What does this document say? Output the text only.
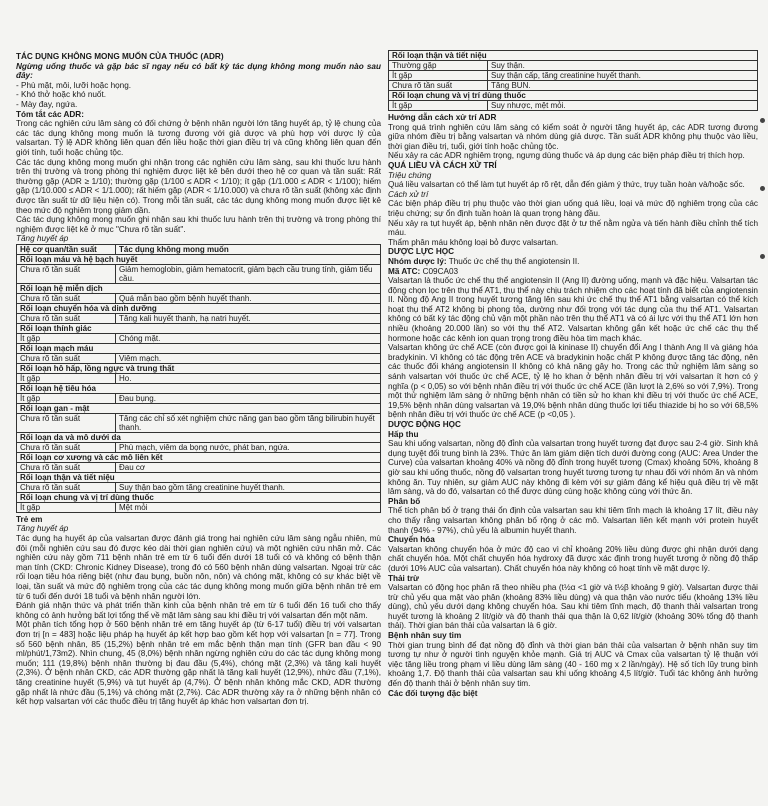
TÁC DỤNG KHÔNG MONG MUỐN CỦA THUỐC (ADR)

Ngừng uống thuốc và gặp bác sĩ ngay nếu có bất kỳ tác dụng không mong muốn nào sau đây:

- Phù mặt, môi, lưỡi hoặc họng.

- Khó thở hoặc khó nuốt.

- Mày đay, ngứa.

Tóm tắt các ADR:

Trong các nghiên cứu lâm sàng có đối chứng ở bệnh nhân người lớn tăng huyết áp, tỷ lệ chung của các tác dụng không mong muốn là tương đương với giả dược và phù hợp với dược lý của valsartan. Tỷ lệ ADR không liên quan đến liều hoặc thời gian điều trị và cũng không liên quan đến giới tính, tuổi hoặc chủng tộc.

Các tác dụng không mong muốn ghi nhận trong các nghiên cứu lâm sàng, sau khi thuốc lưu hành trên thị trường và trong phòng thí nghiệm được liệt kê bên dưới theo hệ cơ quan và tần suất: Rất thường gặp (ADR ≥ 1/10); thường gặp (1/100 ≤ ADR < 1/10); ít gặp (1/1.000 ≤ ADR < 1/100); hiếm gặp (1/10.000 ≤ ADR < 1/1.000); rất hiếm gặp (ADR < 1/10.000) và chưa rõ tần suất (không xác định được tần suất từ dữ liệu hiện có). Trong mỗi tần suất, các tác dụng không mong muốn được liệt kê theo mức độ nghiêm trọng giảm dần.

Các tác dụng không mong muốn ghi nhận sau khi thuốc lưu hành trên thị trường và trong phòng thí nghiệm được liệt kê ở mục "Chưa rõ tần suất".

Tăng huyết áp

Hệ cơ quan/tần suất	Tác dụng không mong muốn
Rối loạn máu và hệ bạch huyết	
Chưa rõ tần suất	Giảm hemoglobin, giảm hematocrit, giảm bạch cầu trung tính, giảm tiểu cầu.
Rối loạn hệ miễn dịch	
Chưa rõ tần suất	Quá mẫn bao gồm bệnh huyết thanh.
Rối loạn chuyển hóa và dinh dưỡng	
Chưa rõ tần suất	Tăng kali huyết thanh, hạ natri huyết.
Rối loạn thính giác	
Ít gặp	Chóng mặt.
Rối loạn mạch máu	
Chưa rõ tần suất	Viêm mạch.
Rối loạn hô hấp, lồng ngực và trung thất	
Ít gặp	Ho.
Rối loạn hệ tiêu hóa	
Ít gặp	Đau bụng.
Rối loạn gan - mật	
Chưa rõ tần suất	Tăng các chỉ số xét nghiệm chức năng gan bao gồm tăng bilirubin huyết thanh.
Rối loạn da và mô dưới da	
Chưa rõ tần suất	Phù mạch, viêm da bọng nước, phát ban, ngứa.
Rối loạn cơ xương và các mô liên kết	
Chưa rõ tần suất	Đau cơ
Rối loạn thận và tiết niệu	
Chưa rõ tần suất	Suy thận bao gồm tăng creatinine huyết thanh.
Rối loạn chung và vị trí dùng thuốc	
Ít gặp	Mệt mỏi

Trẻ em

Tăng huyết áp

Tác dụng hạ huyết áp của valsartan được đánh giá trong hai nghiên cứu lâm sàng ngẫu nhiên, mù đôi (mỗi nghiên cứu sau đó được kéo dài thời gian nghiên cứu) và một nghiên cứu nhãn mở. Các nghiên cứu này gồm 711 bệnh nhân trẻ em từ 6 tuổi đến dưới 18 tuổi có và không có bệnh thận mạn tính (CKD: Chronic Kidney Disease), trong đó có 560 bệnh nhân dùng valsartan. Ngoại trừ các rối loạn tiêu hóa riêng biệt (như đau bụng, buồn nôn, nôn) và chóng mặt, không có sự khác biệt về loại, tần suất và mức độ nghiêm trọng của các tác dụng không mong muốn giữa bệnh nhân trẻ em từ 6 tuổi đến dưới 18 tuổi và bệnh nhân người lớn.

Đánh giá nhận thức và phát triển thần kinh của bệnh nhân trẻ em từ 6 tuổi đến 16 tuổi cho thấy không có ảnh hưởng bất lợi tổng thể về mặt lâm sàng sau khi điều trị với valsartan đến một năm.

Một phân tích tổng hợp ở 560 bệnh nhân trẻ em tăng huyết áp (từ 6-17 tuổi) điều trị với valsartan đơn trị [n = 483] hoặc liệu pháp hạ huyết áp kết hợp bao gồm kết hợp với valsartan [n = 77]. Trong số 560 bệnh nhân, 85 (15,2%) bệnh nhân trẻ em mắc bệnh thận mạn tính (GFR ban đầu < 90 ml/phút/1,73m2). Nhìn chung, 45 (8,0%) bệnh nhân ngừng nghiên cứu do các tác dụng không mong muốn; 111 (19,8%) bệnh nhân thường bị đau đầu (5,4%), chóng mặt (2,3%) và tăng kali huyết (2,3%). Ở bệnh nhân CKD, các ADR thường gặp nhất là tăng kali huyết (12,9%), nhức đầu (7,1%), tăng creatinine huyết (5,9%) và tụt huyết áp (4,7%). Ở bệnh nhân không mắc CKD, ADR thường gặp nhất là nhức đầu (5,1%) và chóng mặt (2,7%). Các ADR thường xảy ra ở những bệnh nhân có kết hợp valsartan với các thuốc điều trị tăng huyết áp khác hơn valsartan đơn trị.

Rối loạn thận và tiết niệu	
Thường gặp	Suy thận.
Ít gặp	Suy thận cấp, tăng creatinine huyết thanh.
Chưa rõ tần suất	Tăng BUN.
Rối loạn chung và vị trí dùng thuốc	
Ít gặp	Suy nhược, mệt mỏi.

Hướng dẫn cách xử trí ADR

Trong quá trình nghiên cứu lâm sàng có kiểm soát ở người tăng huyết áp, các ADR tương đương giữa nhóm điều trị bằng valsartan và nhóm dùng giả dược. Tần suất ADR không phụ thuộc vào liều, thời gian điều trị, tuổi, giới tính hoặc chủng tộc.

Nếu xảy ra các ADR nghiêm trọng, ngưng dùng thuốc và áp dụng các biện pháp điều trị thích hợp.

QUÁ LIỀU VÀ CÁCH XỬ TRÍ

Triệu chứng

Quá liều valsartan có thể làm tụt huyết áp rõ rệt, dẫn đến giảm ý thức, trụy tuần hoàn và/hoặc sốc.

Cách xử trí

Các biện pháp điều trị phụ thuộc vào thời gian uống quá liều, loại và mức độ nghiêm trọng của các triệu chứng; sự ổn định tuần hoàn là quan trọng hàng đầu.

Nếu xảy ra tụt huyết áp, bệnh nhân nên được đặt ở tư thế nằm ngửa và tiến hành điều chỉnh thể tích máu.

Thẩm phân máu không loại bỏ được valsartan.

DƯỢC LỰC HỌC

Nhóm dược lý: Thuốc ức chế thụ thể angiotensin II.

Mã ATC: C09CA03

Valsartan là thuốc ức chế thụ thể angiotensin II (Ang II) đường uống, mạnh và đặc hiệu. Valsartan tác động chọn lọc trên thụ thể AT1, thụ thể này chịu trách nhiệm cho các hoạt tính đã biết của angiotensin II. Nồng độ Ang II trong huyết tương tăng lên sau khi ức chế thụ thể AT1 bằng valsartan có thể kích hoạt thụ thể AT2 không bị phong tỏa, dường như đối trọng với tác dụng của thụ thể AT1. Valsartan không có bất kỳ tác động chủ vận một phần nào trên thụ thể AT1 và có ái lực với thụ thể AT1 lớn hơn nhiều (khoảng 20.000 lần) so với thụ thể AT2. Valsartan không gắn kết hoặc ức chế các thụ thể hormone hoặc các kênh ion quan trọng trong điều hòa tim mạch khác.

Valsartan không ức chế ACE (còn được gọi là kininase II) chuyển đổi Ang I thành Ang II và giáng hóa bradykinin. Vì không có tác động trên ACE và bradykinin hoặc chất P không được tăng tác động, nên các thuốc đối kháng angiotensin II không có khả năng gây ho. Trong các thử nghiệm lâm sàng so sánh valsartan với thuốc ức chế ACE, tỷ lệ ho khan ở bệnh nhân điều trị với valsartan ít hơn có ý nghĩa (p < 0,05) so với bệnh nhân điều trị với thuốc ức chế ACE (lần lượt là 2,6% so với 7,9%). Trong một thử nghiệm lâm sàng ở những bệnh nhân có tiền sử ho khan khi điều trị với thuốc ức chế ACE, 19,5% bệnh nhân dùng valsartan và 19,0% bệnh nhân dùng thuốc lợi tiểu thiazide bị ho so với 68,5% bệnh nhân điều trị với thuốc ức chế ACE (p <0,05 ).

DƯỢC ĐỘNG HỌC

Hấp thu

Sau khi uống valsartan, nồng độ đỉnh của valsartan trong huyết tương đạt được sau 2-4 giờ. Sinh khả dụng tuyệt đối trung bình là 23%. Thức ăn làm giảm diện tích dưới đường cong (AUC: Area Under the Curve) của valsartan khoảng 40% và nồng độ đỉnh trong huyết tương (Cmax) khoảng 50%, khoảng 8 giờ sau khi uống thuốc, nồng độ valsartan trong huyết tương tương tự nhau đối với nhóm ăn và nhóm không ăn. Tuy nhiên, sự giảm AUC này không đi kèm với sự giảm đáng kể hiệu quả điều trị về mặt lâm sàng, và do đó, valsartan có thể được dùng cùng hoặc không cùng với thức ăn.

Phân bố

Thể tích phân bố ở trạng thái ổn định của valsartan sau khi tiêm tĩnh mạch là khoảng 17 lít, điều này cho thấy rằng valsartan không phân bố rộng ở các mô. Valsartan liên kết mạnh với protein huyết thanh (94% - 97%), chủ yếu là albumin huyết thanh.

Chuyển hóa

Valsartan không chuyển hóa ở mức độ cao vì chỉ khoảng 20% liều dùng được ghi nhận dưới dạng chất chuyển hóa. Một chất chuyển hóa hydroxy đã được xác định trong huyết tương ở nồng độ thấp (dưới 10% AUC của valsartan). Chất chuyển hóa này không có hoạt tính về mặt dược lý.

Thải trừ

Valsartan có động học phân rã theo nhiều pha (t½α <1 giờ và t½β khoảng 9 giờ). Valsartan được thải trừ chủ yếu qua mật vào phân (khoảng 83% liều dùng) và qua thận vào nước tiểu (khoảng 13% liều dùng), chủ yếu dưới dạng không chuyển hóa. Sau khi tiêm tĩnh mạch, độ thanh thải valsartan trong huyết tương là khoảng 2 lít/giờ và độ thanh thải qua thận là 0,62 lít/giờ (khoảng 30% tổng độ thanh thải). Thời gian bán thải của valsartan là 6 giờ.

Bệnh nhân suy tim

Thời gian trung bình để đạt nồng độ đỉnh và thời gian bán thải của valsartan ở bệnh nhân suy tim tương tự như ở người tình nguyện khỏe mạnh. Giá trị AUC và Cmax của valsartan tỷ lệ thuận với việc tăng liều trong phạm vi liều dùng lâm sàng (40 - 160 mg x 2 lần/ngày). Hệ số tích lũy trung bình khoảng 1,7. Độ thanh thải của valsartan sau khi uống khoảng 4,5 lít/giờ. Tuổi tác không ảnh hưởng đến độ thanh thải ở bệnh nhân suy tim.

Các đối tượng đặc biệt
